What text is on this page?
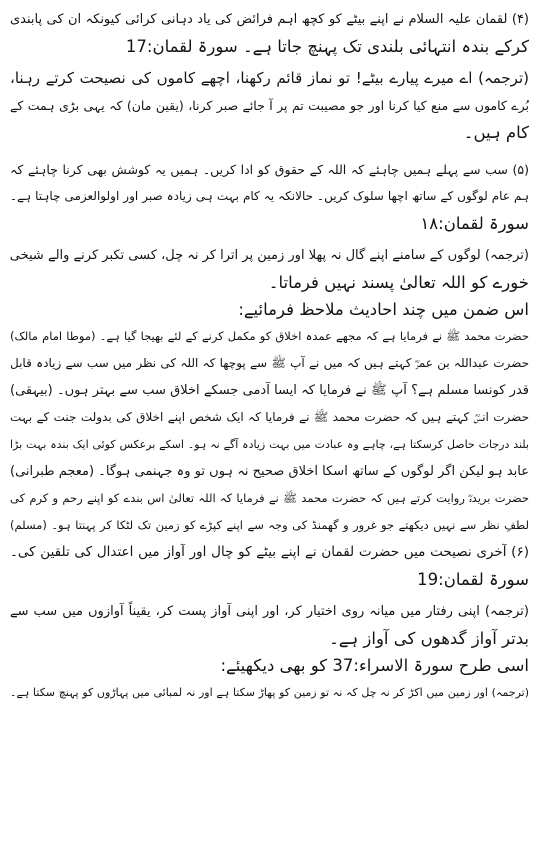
(۴) لقمان علیہ السلام نے اپنے بیٹے کو کچھ اہم فرائض کی یاد دہانی کرائی کیونکہ ان کی پابندی
کرکے بندہ انتہائی بلندی تک پہنچ جاتا ہے۔ سورۃ لقمان:17
(ترجمہ) اے میرے پیارے بیٹے! تو نماز قائم رکھنا، اچھے کاموں کی نصیحت کرتے رہنا،
بُرے کاموں سے منع کیا کرنا اور جو مصیبت تم پر آ جائے صبر کرنا، (یقین مان) کہ یہی بڑی ہمت کے
کام ہیں۔
(۵) سب سے پہلے ہمیں چاہئے کہ اللہ کے حقوق کو ادا کریں۔ ہمیں یہ کوشش بھی کرنا چاہئے کہ
ہم عام لوگوں کے ساتھ اچھا سلوک کریں۔ حالانکہ یہ کام بہت ہی زیادہ صبر اور اولوالعزمی چاہتا ہے۔
سورۃ لقمان:۱۸
(ترجمہ) لوگوں کے سامنے اپنے گال نہ پھلا اور زمین پر اترا کر نہ چل، کسی تکبر کرنے والے شیخی
خورے کو اللہ تعالیٰ پسند نہیں فرماتا۔
اس ضمن میں چند احادیث ملاحظ فرمائیے:
حضرت محمد ﷺ نے فرمایا ہے کہ مجھے عمدہ اخلاق کو مکمل کرنے کے لئے بھیجا گیا ہے۔ (موطا امام مالک)
حضرت عبداللہ بن عمرؓ کہتے ہیں کہ میں نے آپ ﷺ سے پوچھا کہ اللہ کی نظر میں سب سے زیادہ قابل
قدر کونسا مسلم ہے؟ آپ ﷺ نے فرمایا کہ ایسا آدمی جسکے اخلاق سب سے بہتر ہوں۔ (بیہقی)
حضرت انسؓ کہتے ہیں کہ حضرت محمد ﷺ نے فرمایا کہ ایک شخص اپنے اخلاق کی بدولت جنت کے بہت
بلند درجات حاصل کرسکتا ہے، چاہے وہ عبادت میں بہت زیادہ آگے نہ ہو۔ اسکے برعکس کوئی ایک بندہ بہت بڑا
عابد ہو لیکن اگر لوگوں کے ساتھ اسکا اخلاق صحیح نہ ہوں تو وہ جہنمی ہوگا۔ (معجم طبرانی)
حضرت بریدہؓ روایت کرتے ہیں کہ حضرت محمد ﷺ نے فرمایا کہ اللہ تعالیٰ اس بندے کو اپنے رحم و کرم کی
لطفِ نظر سے نہیں دیکھتے جو غرور و گھمنڈ کی وجہ سے اپنے کپڑے کو زمین تک لٹکا کر پہنتا ہو۔ (مسلم)
(۶) آخری نصیحت میں حضرت لقمان نے اپنے بیٹے کو چال اور آواز میں اعتدال کی تلقین کی۔
سورۃ لقمان:19
(ترجمہ) اپنی رفتار میں میانہ روی اختیار کر، اور اپنی آواز پست کر، یقیناً آوازوں میں سب سے
بدتر آواز گدھوں کی آواز ہے۔
اسی طرح سورۃ الاسراء:37 کو بھی دیکھیئے:
(ترجمہ) اور زمین میں اکڑ کر نہ چل کہ نہ تو زمین کو پھاڑ سکتا ہے اور نہ لمبائی میں پہاڑوں کو پہنچ سکتا ہے۔
